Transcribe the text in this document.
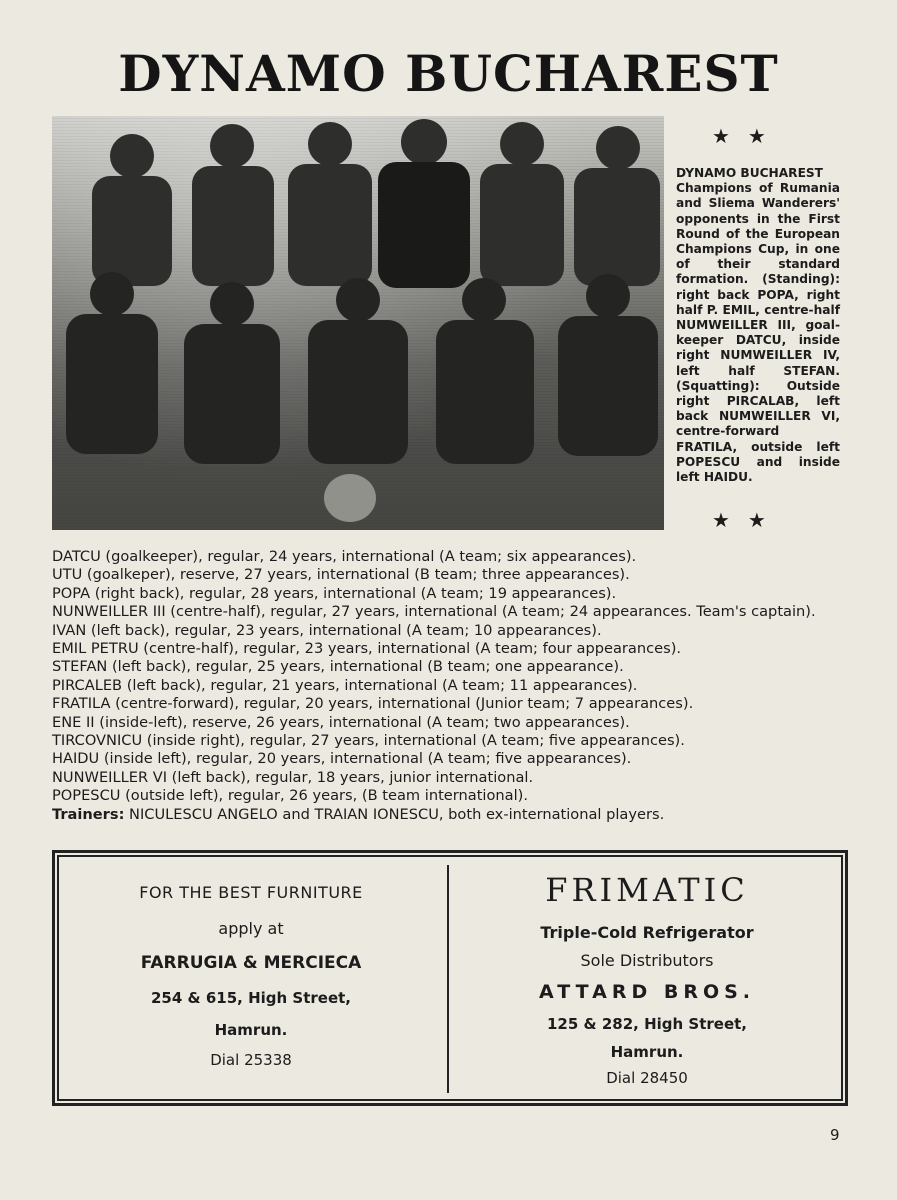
DYNAMO BUCHAREST
★★
DYNAMO BUCHAREST
Champions of Rumania and Sliema Wanderers' opponents in the First Round of the European Champions Cup, in one of their standard formation. (Standing): right back POPA, right half P. EMIL, centre-half NUMWEILLER III, goal-keeper DATCU, inside right NUMWEILLER IV, left half STEFAN. (Squatting): Outside right PIRCALAB, left back NUMWEILLER VI, centre-forward FRATILA, outside left POPESCU and inside left HAIDU.
★★
DATCU (goalkeeper), regular, 24 years, international (A team; six appearances).
UTU (goalkeper), reserve, 27 years, international (B team; three appearances).
POPA (right back), regular, 28 years, international (A team; 19 appearances).
NUNWEILLER III (centre-half), regular, 27 years, international (A team; 24 appearances. Team's captain).
IVAN (left back), regular, 23 years, international (A team; 10 appearances).
EMIL PETRU (centre-half), regular, 23 years, international (A team; four appearances).
STEFAN (left back), regular, 25 years, international (B team; one appearance).
PIRCALEB (left back), regular, 21 years, international (A team; 11 appearances).
FRATILA (centre-forward), regular, 20 years, international (Junior team; 7 appearances).
ENE II (inside-left), reserve, 26 years, international (A team; two appearances).
TIRCOVNICU (inside right), regular, 27 years, international (A team; five appearances).
HAIDU (inside left), regular, 20 years, international (A team; five appearances).
NUNWEILLER VI (left back), regular, 18 years, junior international.
POPESCU (outside left), regular, 26 years, (B team international).
Trainers: NICULESCU ANGELO and TRAIAN IONESCU, both ex-international players.
FOR THE BEST FURNITURE
apply at
FARRUGIA & MERCIECA
254 & 615, High Street,
Hamrun.
Dial 25338
FRIMATIC
Triple-Cold Refrigerator
Sole Distributors
ATTARD BROS.
125 & 282, High Street,
Hamrun.
Dial 28450
9
